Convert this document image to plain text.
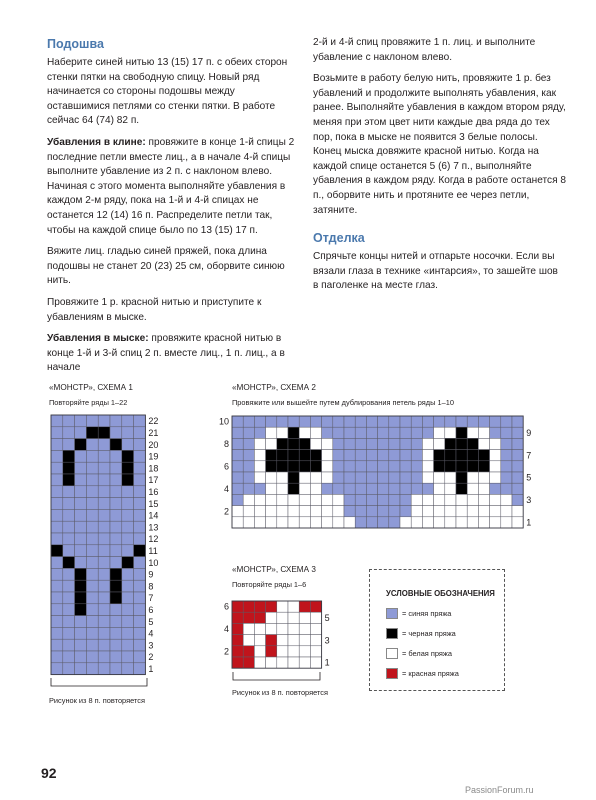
Подошва

Наберите синей нитью 13 (15) 17 п. с обеих сторон стенки пятки на свободную спицу. Новый ряд начинается со стороны подошвы между оставшимися петлями со стенки пятки. В работе сейчас 64 (74) 82 п.

Убавления в клине: провяжите в конце 1-й спицы 2 последние петли вместе лиц., а в начале 4-й спицы выполните убавление из 2 п. с наклоном влево. Начиная с этого момента выполняйте убавления в каждом 2-м ряду, пока на 1-й и 4-й спицах не останется 12 (14) 16 п. Распределите петли так, чтобы на каждой спице было по 13 (15) 17 п.

Вяжите лиц. гладью синей пряжей, пока длина подошвы не станет 20 (23) 25 см, оборвите синюю нить.

Провяжите 1 р. красной нитью и приступите к убавлениям в мыске.

Убавления в мыске: провяжите красной нитью в конце 1-й и 3-й спиц 2 п. вместе лиц., 1 п. лиц., а в начале

2-й и 4-й спиц провяжите 1 п. лиц. и выполните убавление с наклоном влево.

Возьмите в работу белую нить, провяжите 1 р. без убавлений и продолжите выполнять убавления, как ранее. Выполняйте убавления в каждом втором ряду, меняя при этом цвет нити каждые два ряда до тех пор, пока в мыске не появится 3 белые полосы. Конец мыска довяжите красной нитью. Когда на каждой спице останется 5 (6) 7 п., выполняйте убавления в каждом ряду. Когда в работе останется 8 п., оборвите нить и протяните ее через петли, затяните.

Отделка

Спрячьте концы нитей и отпарьте носочки. Если вы вязали глаза в технике «интарсия», то зашейте шов в паголенке на месте глаз.

«МОНСТР», СХЕМА 1
Повторяйте ряды 1–22
22
21
20
19
18
17
16
15
14
13
12
11
10
9
8
7
6
5
4
3
2
1
Рисунок из 8 п. повторяется
«МОНСТР», СХЕМА 2
Провяжите или вышейте путем дублирования петель ряды 1–10
10
9
8
7
6
5
4
3
2
1
«МОНСТР», СХЕМА 3
Повторяйте ряды 1–6
6
5
4
3
2
1
Рисунок из 8 п. повторяется
УСЛОВНЫЕ ОБОЗНАЧЕНИЯ
= синяя пряжа
= черная пряжа
= белая пряжа
= красная пряжа
92
PassionForum.ru
